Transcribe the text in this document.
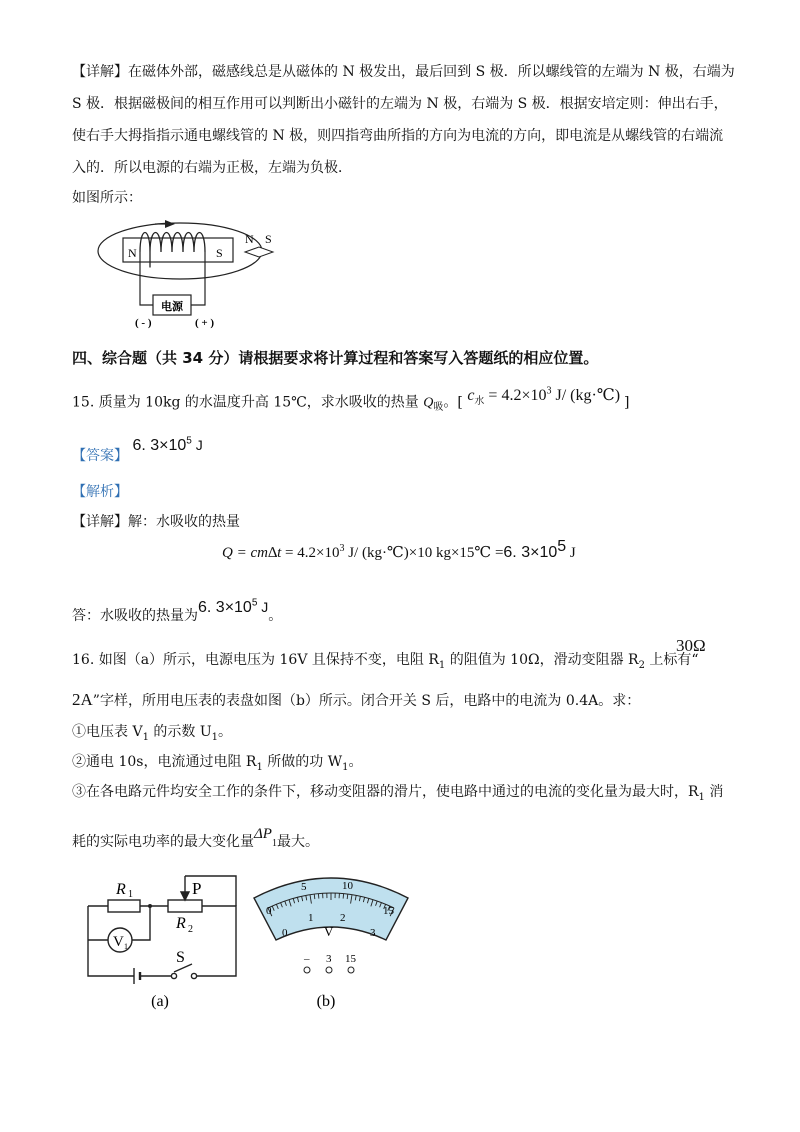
【详解】在磁体外部，磁感线总是从磁体的 N 极发出，最后回到 S 极．所以螺线管的左端为 N 极，右端为
S 极．根据磁极间的相互作用可以判断出小磁针的左端为 N 极，右端为 S 极．根据安培定则：伸出右手，
使右手大拇指指示通电螺线管的 N 极，则四指弯曲所指的方向为电流的方向，即电流是从螺线管的右端流
入的．所以电源的右端为正极，左端为负极．
如图所示：
电源
N	S
N S
( - )	( + )
四、综合题（共 34 分）请根据要求将计算过程和答案写入答题纸的相应位置。
15. 质量为 10kg 的水温度升高 15℃，求水吸收的热量 $Q_吸$。[ $c_水 = 4.2\times 10^3$ J/ (kg·℃) ]
【答案】 6. $3\times 10^5$ J
【解析】
【详解】解：水吸收的热量
$Q = cm\Delta t = 4.2\times 10^3$ J/ (kg·℃)×10 kg×15℃ =6. $3\times 10^5$ J
答：水吸收的热量为6. $3\times 10^5$ J。
16. 如图（a）所示，电源电压为 16V 且保持不变，电阻 $R_1$ 的阻值为 10Ω，滑动变阻器 $R_2$ 上标有“
30Ω
2A”字样，所用电压表的表盘如图（b）所示。闭合开关 S 后，电路中的电流为 0.4A。求：
①电压表 $V_1$ 的示数 $U_1$。
②通电 10s，电流通过电阻 $R_1$ 所做的功 $W_1$。
③在各电路元件均安全工作的条件下，移动变阻器的滑片，使电路中通过的电流的变化量为最大时，$R_1$ 消
耗的实际电功率的最大变化量$\Delta P_1$最大。
R 1	P
R 2
V 1
S
(a)
0
5	10
15
0
1 2
3
V
– 3 15
(b)
